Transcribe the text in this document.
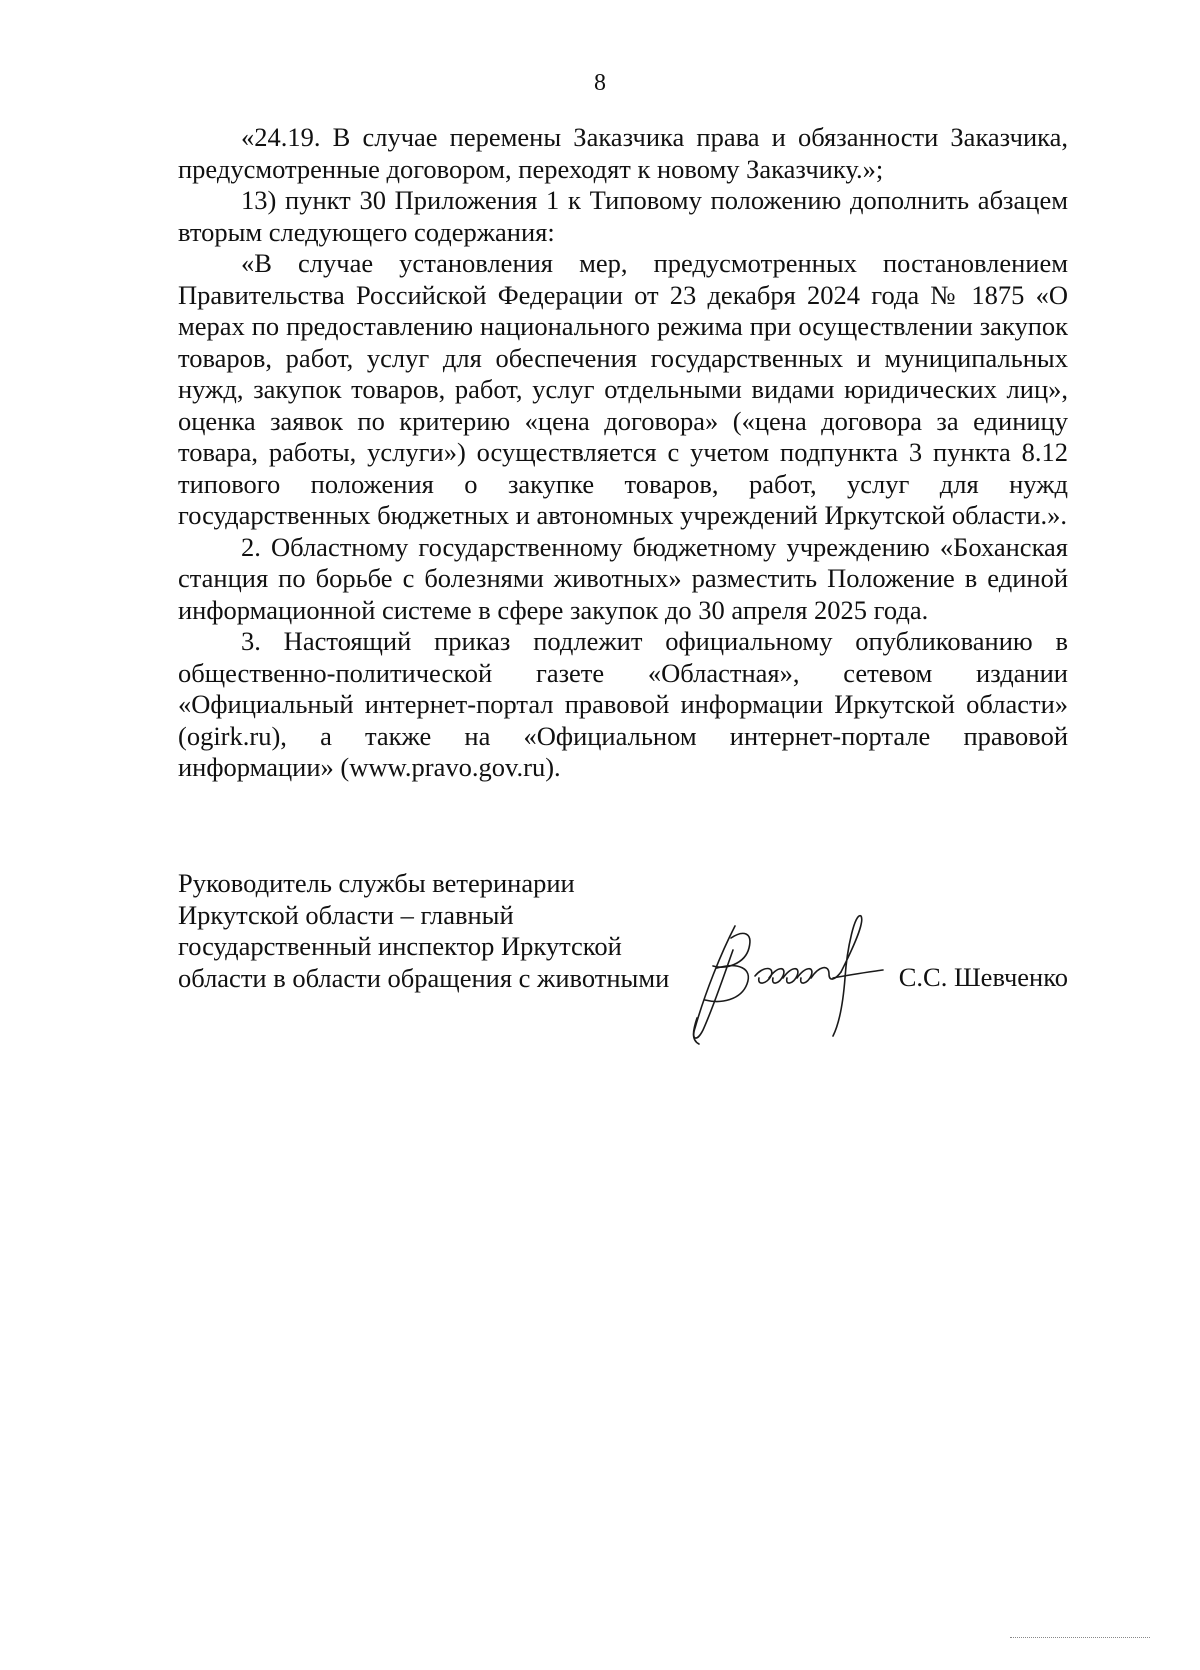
8

«24.19. В случае перемены Заказчика права и обязанности Заказчика, предусмотренные договором, переходят к новому Заказчику.»;

13) пункт 30 Приложения 1 к Типовому положению дополнить абзацем вторым следующего содержания:

«В случае установления мер, предусмотренных постановлением Правительства Российской Федерации от 23 декабря 2024 года № 1875 «О мерах по предоставлению национального режима при осуществлении закупок товаров, работ, услуг для обеспечения государственных и муниципальных нужд, закупок товаров, работ, услуг отдельными видами юридических лиц», оценка заявок по критерию «цена договора» («цена договора за единицу товара, работы, услуги») осуществляется с учетом подпункта 3 пункта 8.12 типового положения о закупке товаров, работ, услуг для нужд государственных бюджетных и автономных учреждений Иркутской области.».

2. Областному государственному бюджетному учреждению «Боханская станция по борьбе с болезнями животных» разместить Положение в единой информационной системе в сфере закупок до 30 апреля 2025 года.

3. Настоящий приказ подлежит официальному опубликованию в общественно-политической газете «Областная», сетевом издании «Официальный интернет-портал правовой информации Иркутской области» (ogirk.ru), а также на «Официальном интернет-портале правовой информации» (www.pravo.gov.ru).

Руководитель службы ветеринарии
Иркутской области – главный
государственный инспектор Иркутской
области в области обращения с животными	С.С. Шевченко
